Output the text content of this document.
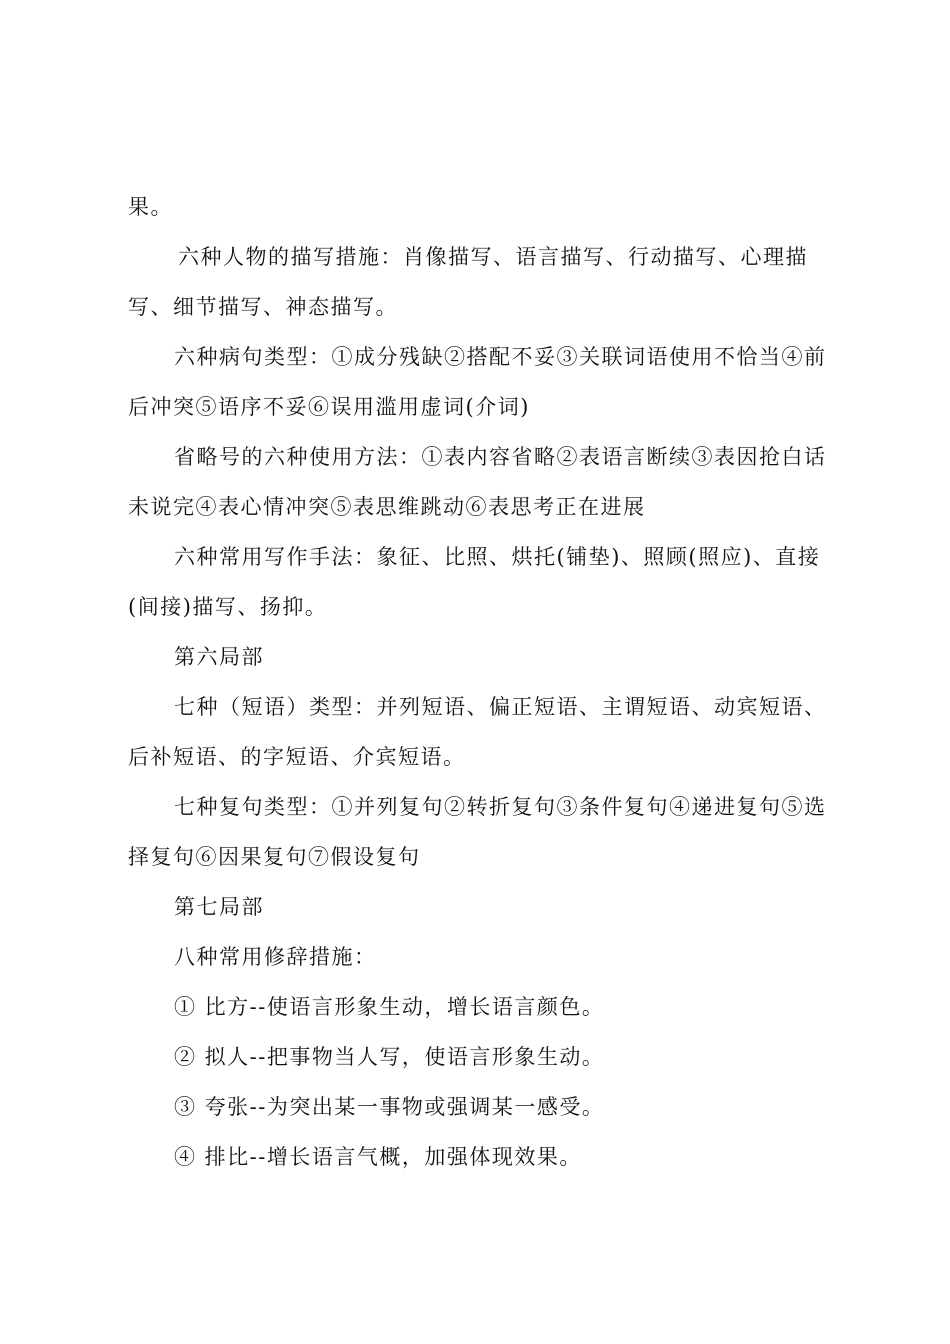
果。

六种人物的描写措施：肖像描写、语言描写、行动描写、心理描
写、细节描写、神态描写。

六种病句类型：①成分残缺②搭配不妥③关联词语使用不恰当④前
后冲突⑤语序不妥⑥误用滥用虚词(介词)

省略号的六种使用方法：①表内容省略②表语言断续③表因抢白话
未说完④表心情冲突⑤表思维跳动⑥表思考正在进展

六种常用写作手法：象征、比照、烘托(铺垫)、照顾(照应)、直接
(间接)描写、扬抑。

第六局部

七种（短语）类型：并列短语、偏正短语、主谓短语、动宾短语、
后补短语、的字短语、介宾短语。

七种复句类型：①并列复句②转折复句③条件复句④递进复句⑤选
择复句⑥因果复句⑦假设复句

第七局部

八种常用修辞措施：

① 比方--使语言形象生动，增长语言颜色。

② 拟人--把事物当人写，使语言形象生动。

③ 夸张--为突出某一事物或强调某一感受。

④ 排比--增长语言气概，加强体现效果。
